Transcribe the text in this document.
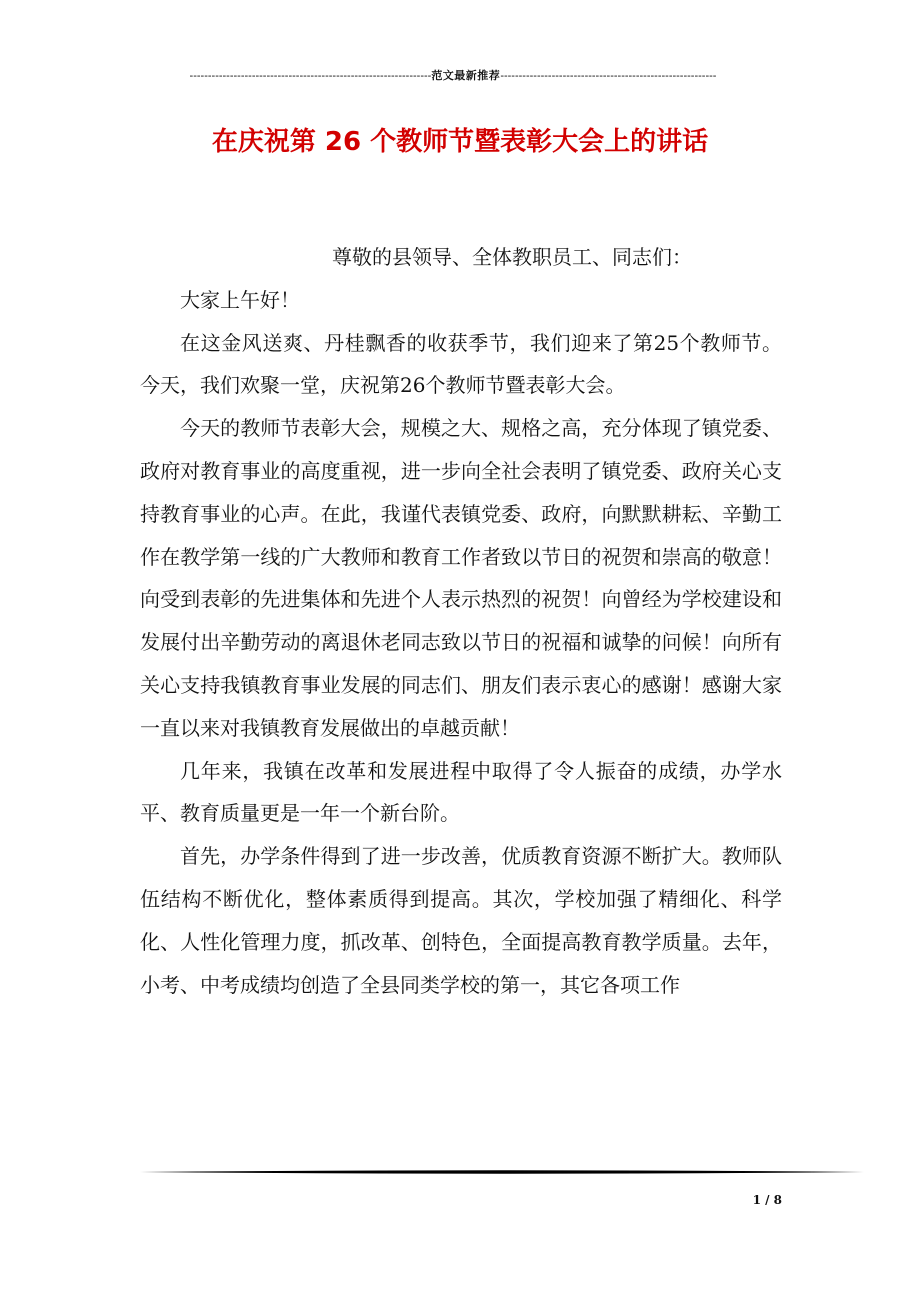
------------------------------------------------------------------范文最新推荐-----------------------------------------------------------
在庆祝第 26 个教师节暨表彰大会上的讲话

尊敬的县领导、全体教职员工、同志们：

大家上午好！

在这金风送爽、丹桂飘香的收获季节，我们迎来了第25个教师节。今天，我们欢聚一堂，庆祝第26个教师节暨表彰大会。

今天的教师节表彰大会，规模之大、规格之高，充分体现了镇党委、政府对教育事业的高度重视，进一步向全社会表明了镇党委、政府关心支持教育事业的心声。在此，我谨代表镇党委、政府，向默默耕耘、辛勤工作在教学第一线的广大教师和教育工作者致以节日的祝贺和崇高的敬意！向受到表彰的先进集体和先进个人表示热烈的祝贺！向曾经为学校建设和发展付出辛勤劳动的离退休老同志致以节日的祝福和诚挚的问候！向所有关心支持我镇教育事业发展的同志们、朋友们表示衷心的感谢！感谢大家一直以来对我镇教育发展做出的卓越贡献！

几年来，我镇在改革和发展进程中取得了令人振奋的成绩，办学水平、教育质量更是一年一个新台阶。

首先，办学条件得到了进一步改善，优质教育资源不断扩大。教师队伍结构不断优化，整体素质得到提高。其次，学校加强了精细化、科学化、人性化管理力度，抓改革、创特色，全面提高教育教学质量。去年，小考、中考成绩均创造了全县同类学校的第一，其它各项工作

1 / 8
